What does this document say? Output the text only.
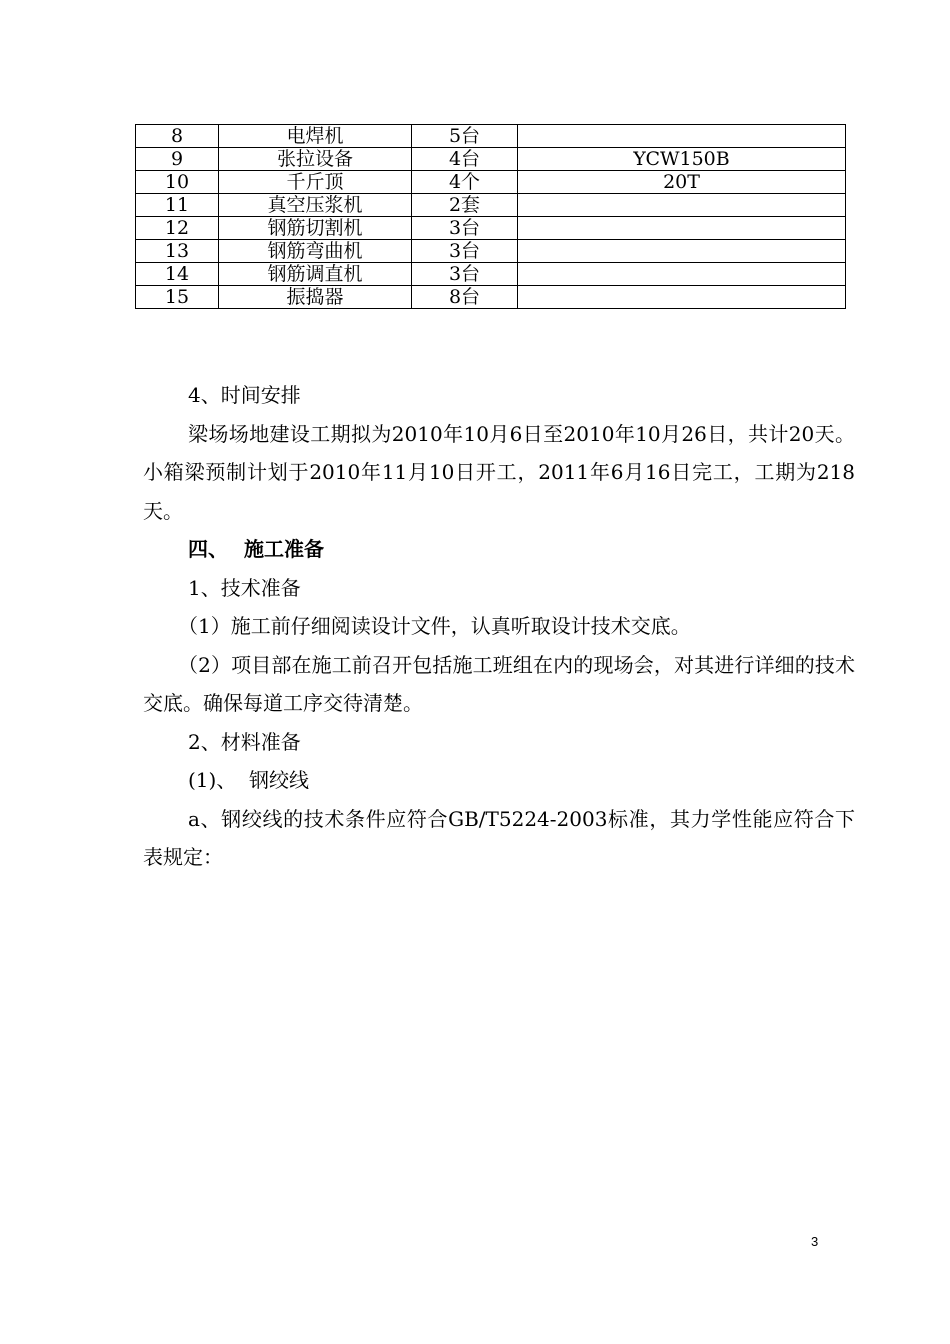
8	电焊机	5台	
9	张拉设备	4台	YCW150B
10	千斤顶	4个	20T
11	真空压浆机	2套	
12	钢筋切割机	3台	
13	钢筋弯曲机	3台	
14	钢筋调直机	3台	
15	振捣器	8台	

4、时间安排

梁场场地建设工期拟为2010年10月6日至2010年10月26日，共计20天。小箱梁预制计划于2010年11月10日开工，2011年6月16日完工，工期为218天。

四、 施工准备

1、技术准备

（1）施工前仔细阅读设计文件，认真听取设计技术交底。

（2）项目部在施工前召开包括施工班组在内的现场会，对其进行详细的技术交底。确保每道工序交待清楚。

2、材料准备

(1)、  钢绞线

a、钢绞线的技术条件应符合GB/T5224-2003标准，其力学性能应符合下表规定：

3
